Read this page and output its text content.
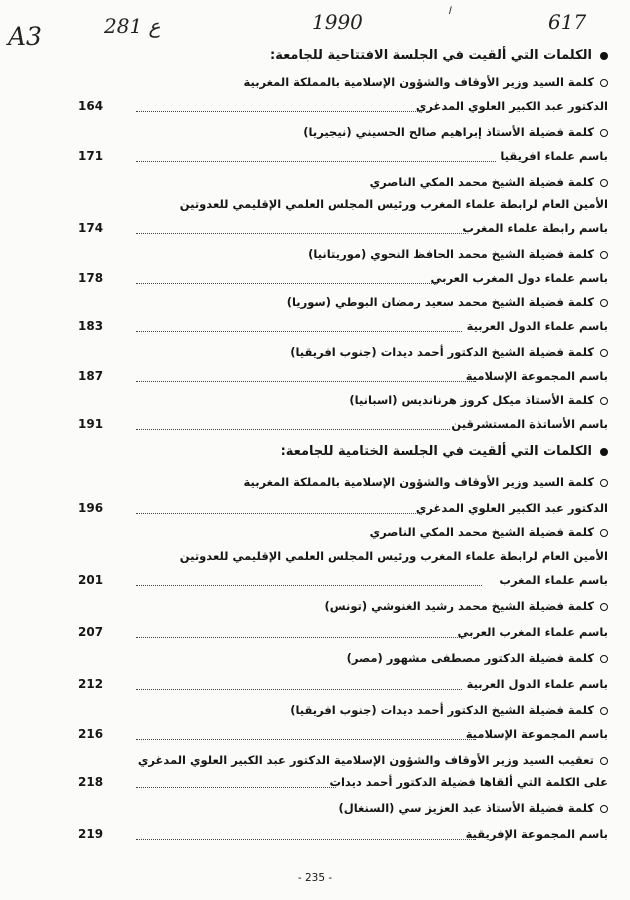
A3	281 ع	1990	ا	617
الكلمات التي ألقيت في الجلسة الافتتاحية للجامعة:
كلمة السيد وزير الأوقاف والشؤون الإسلامية بالمملكة المغربية
الدكتور عبد الكبير العلوي المدغري
164
كلمة فضيلة الأستاذ إبراهيم صالح الحسيني (نيجيريا)
باسم علماء افريقيا
171
كلمة فضيلة الشيخ محمد المكي الناصري
الأمين العام لرابطة علماء المغرب ورئيس المجلس العلمي الإقليمي للعدوتين
باسم رابطة علماء المغرب
174
كلمة فضيلة الشيخ محمد الحافظ النحوي (موريتانيا)
باسم علماء دول المغرب العربي
178
كلمة فضيلة الشيخ محمد سعيد رمضان البوطي (سوريا)
باسم علماء الدول العربية
183
كلمة فضيلة الشيخ الدكتور أحمد ديدات (جنوب افريقيا)
باسم المجموعة الإسلامية
187
كلمة الأستاذ ميكل كروز هرنانديس (اسبانيا)
باسم الأساتذة المستشرقين
191
الكلمات التي ألقيت في الجلسة الختامية للجامعة:
كلمة السيد وزير الأوقاف والشؤون الإسلامية بالمملكة المغربية
الدكتور عبد الكبير العلوي المدغري
196
كلمة فضيلة الشيخ محمد المكي الناصري
الأمين العام لرابطة علماء المغرب ورئيس المجلس العلمي الإقليمي للعدوتين
باسم علماء المغرب
201
كلمة فضيلة الشيخ محمد رشيد الغنوشي (تونس)
باسم علماء المغرب العربي
207
كلمة فضيلة الدكتور مصطفى مشهور (مصر)
باسم علماء الدول العربية
212
كلمة فضيلة الشيخ الدكتور أحمد ديدات (جنوب افريقيا)
باسم المجموعة الإسلامية
216
تعقيب السيد وزير الأوقاف والشؤون الإسلامية الدكتور عبد الكبير العلوي المدغري
على الكلمة التي ألقاها فضيلة الدكتور أحمد ديدات
218
كلمة فضيلة الأستاذ عبد العزيز سي (السنغال)
باسم المجموعة الإفريقية
219
- 235 -
